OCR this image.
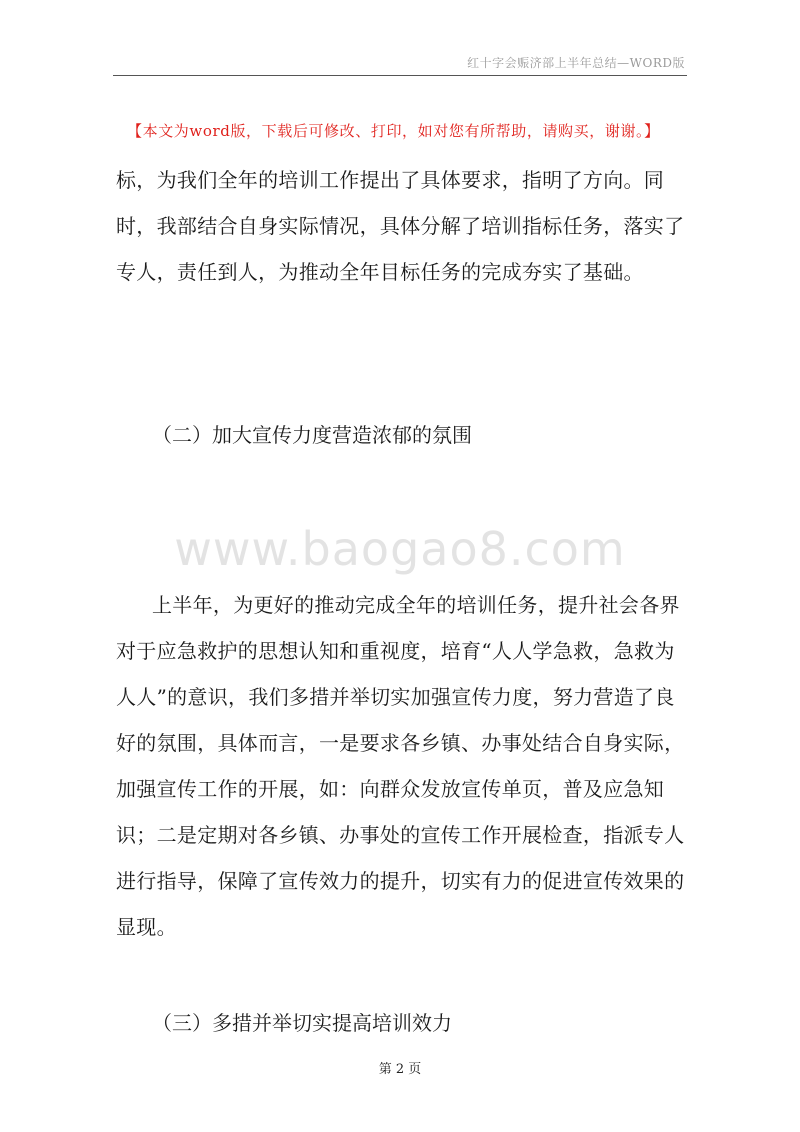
红十字会赈济部上半年总结—WORD版
【本文为word版，下载后可修改、打印，如对您有所帮助，请购买，谢谢。】

标，为我们全年的培训工作提出了具体要求，指明了方向。同时，我部结合自身实际情况，具体分解了培训指标任务，落实了专人，责任到人，为推动全年目标任务的完成夯实了基础。

（二）加大宣传力度营造浓郁的氛围

www.baogao8.com

上半年，为更好的推动完成全年的培训任务，提升社会各界对于应急救护的思想认知和重视度，培育“人人学急救，急救为人人”的意识，我们多措并举切实加强宣传力度，努力营造了良好的氛围，具体而言，一是要求各乡镇、办事处结合自身实际，加强宣传工作的开展，如：向群众发放宣传单页，普及应急知识；二是定期对各乡镇、办事处的宣传工作开展检查，指派专人进行指导，保障了宣传效力的提升，切实有力的促进宣传效果的显现。

（三）多措并举切实提高培训效力

第 2 页
